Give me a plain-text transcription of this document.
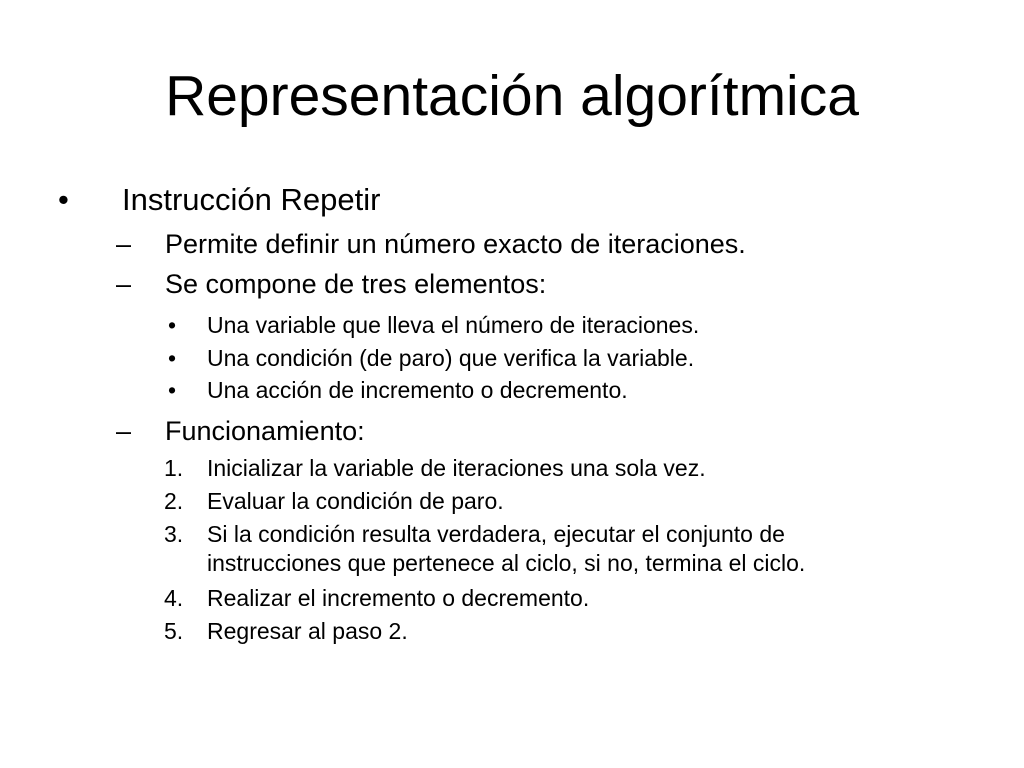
Representación algorítmica
• Instrucción Repetir
– Permite definir un número exacto de iteraciones.
– Se compone de tres elementos:
• Una variable que lleva el número de iteraciones.
• Una condición (de paro) que verifica la variable.
• Una acción de incremento o decremento.
– Funcionamiento:
1. Inicializar la variable de iteraciones una sola vez.
2. Evaluar la condición de paro.
3. Si la condición resulta verdadera, ejecutar el conjunto de
instrucciones que pertenece al ciclo, si no, termina el ciclo.
4. Realizar el incremento o decremento.
5. Regresar al paso 2.
